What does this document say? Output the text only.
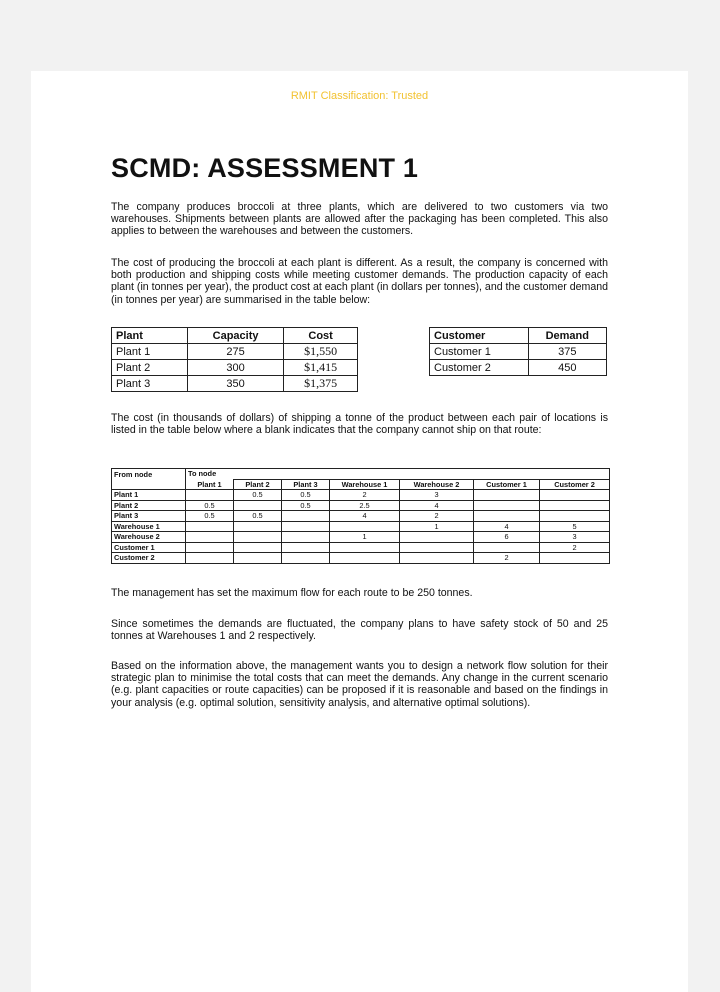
RMIT Classification: Trusted
SCMD: ASSESSMENT 1

The company produces broccoli at three plants, which are delivered to two customers via two warehouses. Shipments between plants are allowed after the packaging has been completed. This also applies to between the warehouses and between the customers.

The cost of producing the broccoli at each plant is different. As a result, the company is concerned with both production and shipping costs while meeting customer demands. The production capacity of each plant (in tonnes per year), the product cost at each plant (in dollars per tonnes), and the customer demand (in tonnes per year) are summarised in the table below:

Plant	Capacity	Cost
Plant 1	275	$1,550
Plant 2	300	$1,415
Plant 3	350	$1,375
Customer	Demand
Customer 1	375
Customer 2	450

The cost (in thousands of dollars) of shipping a tonne of the product between each pair of locations is listed in the table below where a blank indicates that the company cannot ship on that route:

From node	To node						
	Plant 1	Plant 2	Plant 3	Warehouse 1	Warehouse 2	Customer 1	Customer 2
Plant 1		0.5	0.5	2	3		
Plant 2	0.5		0.5	2.5	4		
Plant 3	0.5	0.5		4	2		
Warehouse 1					1	4	5
Warehouse 2				1		6	3
Customer 1							2
Customer 2						2	

The management has set the maximum flow for each route to be 250 tonnes.

Since sometimes the demands are fluctuated, the company plans to have safety stock of 50 and 25 tonnes at Warehouses 1 and 2 respectively.

Based on the information above, the management wants you to design a network flow solution for their strategic plan to minimise the total costs that can meet the demands. Any change in the current scenario (e.g. plant capacities or route capacities) can be proposed if it is reasonable and based on the findings in your analysis (e.g. optimal solution, sensitivity analysis, and alternative optimal solutions).
